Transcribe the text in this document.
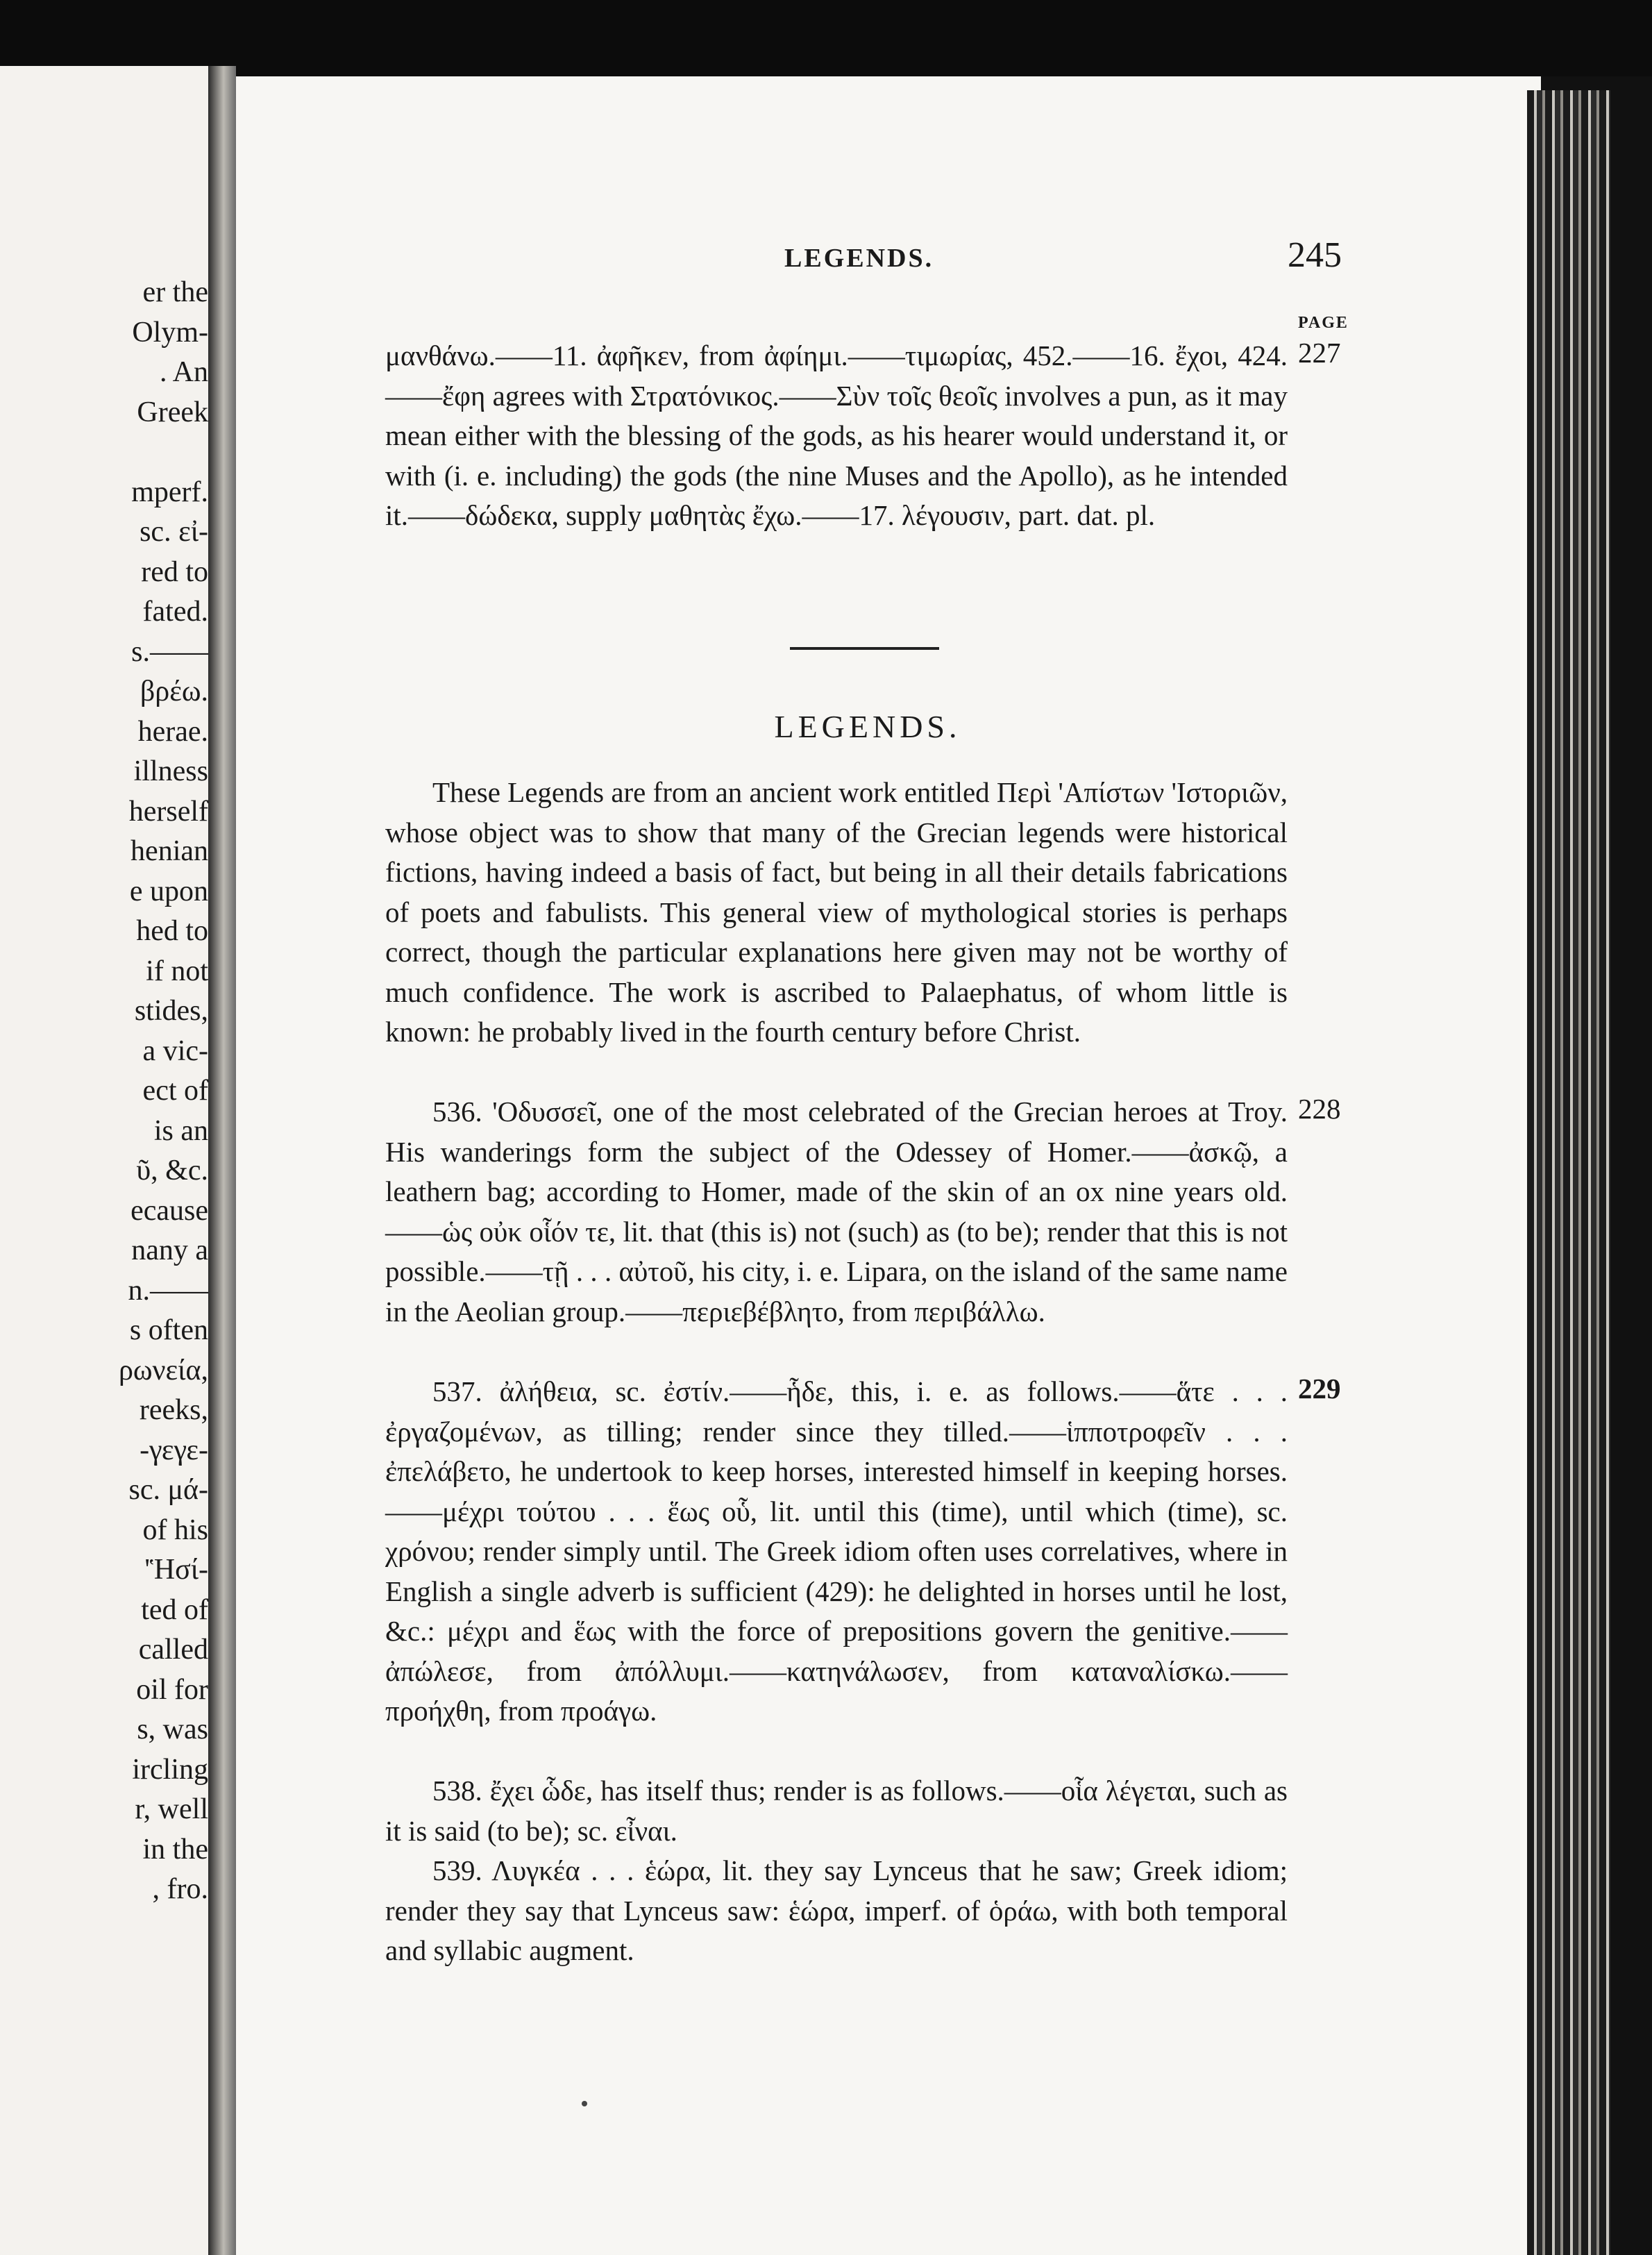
er the
Olym-
. An
Greek
mperf.
sc. εἰ-
red to
fated.
s.——
βρέω.
herae.
illness
herself
henian
e upon
hed to
if not
stides,
a vic-
ect of
is an
ῦ, &c.
ecause
nany a
n.——
s often
ρωνεία,
reeks,
-γεγε-
sc. μά-
of his
'Ἡσί-
ted of
called
oil for
s, was
ircling
r, well
in the
, fro.
LEGENDS.	245
PAGE

μανθάνω.——11. ἀφῆκεν, from ἀφίημι.——τιμωρίας, 452.——16. ἔχοι, 424.——ἔφη agrees with Στρατόνικος.——Σὺν τοῖς θεοῖς involves a pun, as it may mean either with the blessing of the gods, as his hearer would understand it, or with (i. e. including) the gods (the nine Muses and the Apollo), as he intended it.——δώδεκα, supply μαθητὰς ἔχω.——17. λέγουσιν, part. dat. pl.

227
LEGENDS.

These Legends are from an ancient work entitled Περὶ 'Απίστων 'Ιστοριῶν, whose object was to show that many of the Grecian legends were historical fictions, having indeed a basis of fact, but being in all their details fabrications of poets and fabulists. This general view of mythological stories is perhaps correct, though the particular explanations here given may not be worthy of much confidence. The work is ascribed to Palaephatus, of whom little is known: he probably lived in the fourth century before Christ.

536. 'Οδυσσεῖ, one of the most celebrated of the Grecian heroes at Troy. His wanderings form the subject of the Odessey of Homer.——ἀσκῷ, a leathern bag; according to Homer, made of the skin of an ox nine years old.——ὡς οὐκ οἷόν τε, lit. that (this is) not (such) as (to be); render that this is not possible.——τῇ . . . αὐτοῦ, his city, i. e. Lipara, on the island of the same name in the Aeolian group.——περιεβέβλητο, from περιβάλλω.

228

537. ἀλήθεια, sc. ἐστίν.——ἧδε, this, i. e. as follows.——ἅτε . . . ἐργαζομένων, as tilling; render since they tilled.——ἱπποτροφεῖν . . . ἐπελάβετο, he undertook to keep horses, interested himself in keeping horses.——μέχρι τούτου . . . ἕως οὗ, lit. until this (time), until which (time), sc. χρόνου; render simply until. The Greek idiom often uses correlatives, where in English a single adverb is sufficient (429): he delighted in horses until he lost, &c.: μέχρι and ἕως with the force of prepositions govern the genitive.——ἀπώλεσε, from ἀπόλλυμι.——κατηνάλωσεν, from καταναλίσκω.——προήχθη, from προάγω.

229

538. ἔχει ὧδε, has itself thus; render is as follows.——οἷα λέγεται, such as it is said (to be); sc. εἶναι.

539. Λυγκέα . . . ἑώρα, lit. they say Lynceus that he saw; Greek idiom; render they say that Lynceus saw: ἑώρα, imperf. of ὁράω, with both temporal and syllabic augment.
